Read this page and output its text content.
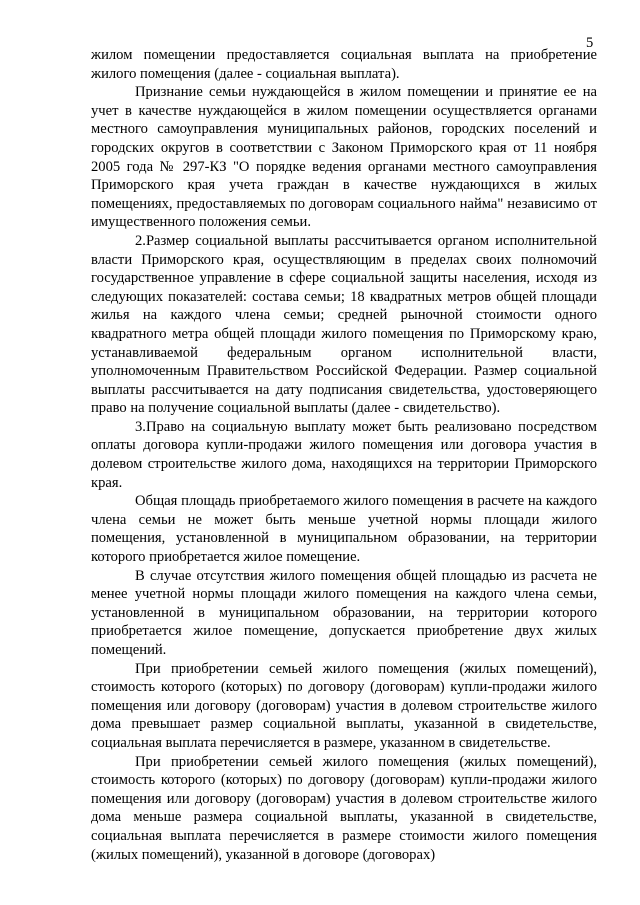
5

жилом помещении предоставляется социальная выплата на приобретение жилого помещения (далее - социальная выплата).

Признание семьи нуждающейся в жилом помещении и принятие ее на учет в качестве нуждающейся в жилом помещении осуществляется органами местного самоуправления муниципальных районов, городских поселений и городских округов в соответствии с Законом Приморского края от 11 ноября 2005 года № 297-КЗ "О порядке ведения органами местного самоуправления Приморского края учета граждан в качестве нуждающихся в жилых помещениях, предоставляемых по договорам социального найма" независимо от имущественного положения семьи.

2.Размер социальной выплаты рассчитывается органом исполнительной власти Приморского края, осуществляющим в пределах своих полномочий государственное управление в сфере социальной защиты населения, исходя из следующих показателей: состава семьи; 18 квадратных метров общей площади жилья на каждого члена семьи; средней рыночной стоимости одного квадратного метра общей площади жилого помещения по Приморскому краю, устанавливаемой федеральным органом исполнительной власти, уполномоченным Правительством Российской Федерации. Размер социальной выплаты рассчитывается на дату подписания свидетельства, удостоверяющего право на получение социальной выплаты (далее - свидетельство).

3.Право на социальную выплату может быть реализовано посредством оплаты договора купли-продажи жилого помещения или договора участия в долевом строительстве жилого дома, находящихся на территории Приморского края.

Общая площадь приобретаемого жилого помещения в расчете на каждого члена семьи не может быть меньше учетной нормы площади жилого помещения, установленной в муниципальном образовании, на территории которого приобретается жилое помещение.

В случае отсутствия жилого помещения общей площадью из расчета не менее учетной нормы площади жилого помещения на каждого члена семьи, установленной в муниципальном образовании, на территории которого приобретается жилое помещение, допускается приобретение двух жилых помещений.

При приобретении семьей жилого помещения (жилых помещений), стоимость которого (которых) по договору (договорам) купли-продажи жилого помещения или договору (договорам) участия в долевом строительстве жилого дома превышает размер социальной выплаты, указанной в свидетельстве, социальная выплата перечисляется в размере, указанном в свидетельстве.

При приобретении семьей жилого помещения (жилых помещений), стоимость которого (которых) по договору (договорам) купли-продажи жилого помещения или договору (договорам) участия в долевом строительстве жилого дома меньше размера социальной выплаты, указанной в свидетельстве, социальная выплата перечисляется в размере стоимости жилого помещения (жилых помещений), указанной в договоре (договорах)
